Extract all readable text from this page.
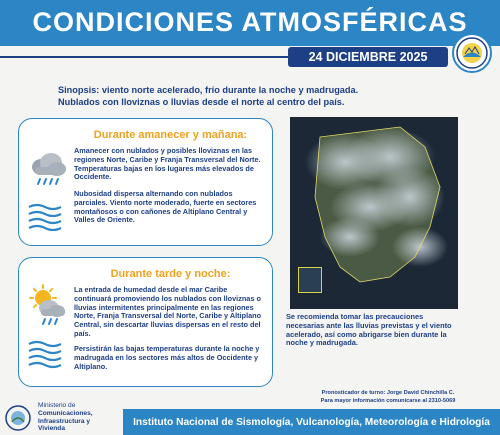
CONDICIONES ATMOSFÉRICAS
24 DICIEMBRE 2025
Sinopsis: viento norte acelerado, frío durante la noche y madrugada.
Nublados con lloviznas o lluvias desde el norte al centro del país.
Durante amanecer y mañana:
Amanecer con nublados y posibles lloviznas en las regiones Norte, Caribe y Franja Transversal del Norte. Temperaturas bajas en los lugares más elevados de Occidente.
Nubosidad dispersa alternando con nublados parciales. Viento norte moderado, fuerte en sectores montañosos o con cañones de Altiplano Central y Valles de Oriente.
Durante tarde y noche:
La entrada de humedad desde el mar Caribe continuará promoviendo los nublados con lloviznas o lluvias intermitentes principalmente en las regiones Norte, Franja Transversal del Norte, Caribe y Altiplano Central, sin descartar lluvias dispersas en el resto del país.
Persistirán las bajas temperaturas durante la noche y madrugada en los sectores más altos de Occidente y Altiplano.
Se recomienda tomar las precauciones necesarias ante las lluvias previstas y el viento acelerado, así como abrigarse bien durante la noche y madrugada.
Pronosticador de turno: Jorge David Chinchilla C.
Para mayor información comunicarse al 2310-5069
Ministerio de
Comunicaciones,
Infraestructura y
Vivienda
Instituto Nacional de Sismología, Vulcanología, Meteorología e Hidrología
